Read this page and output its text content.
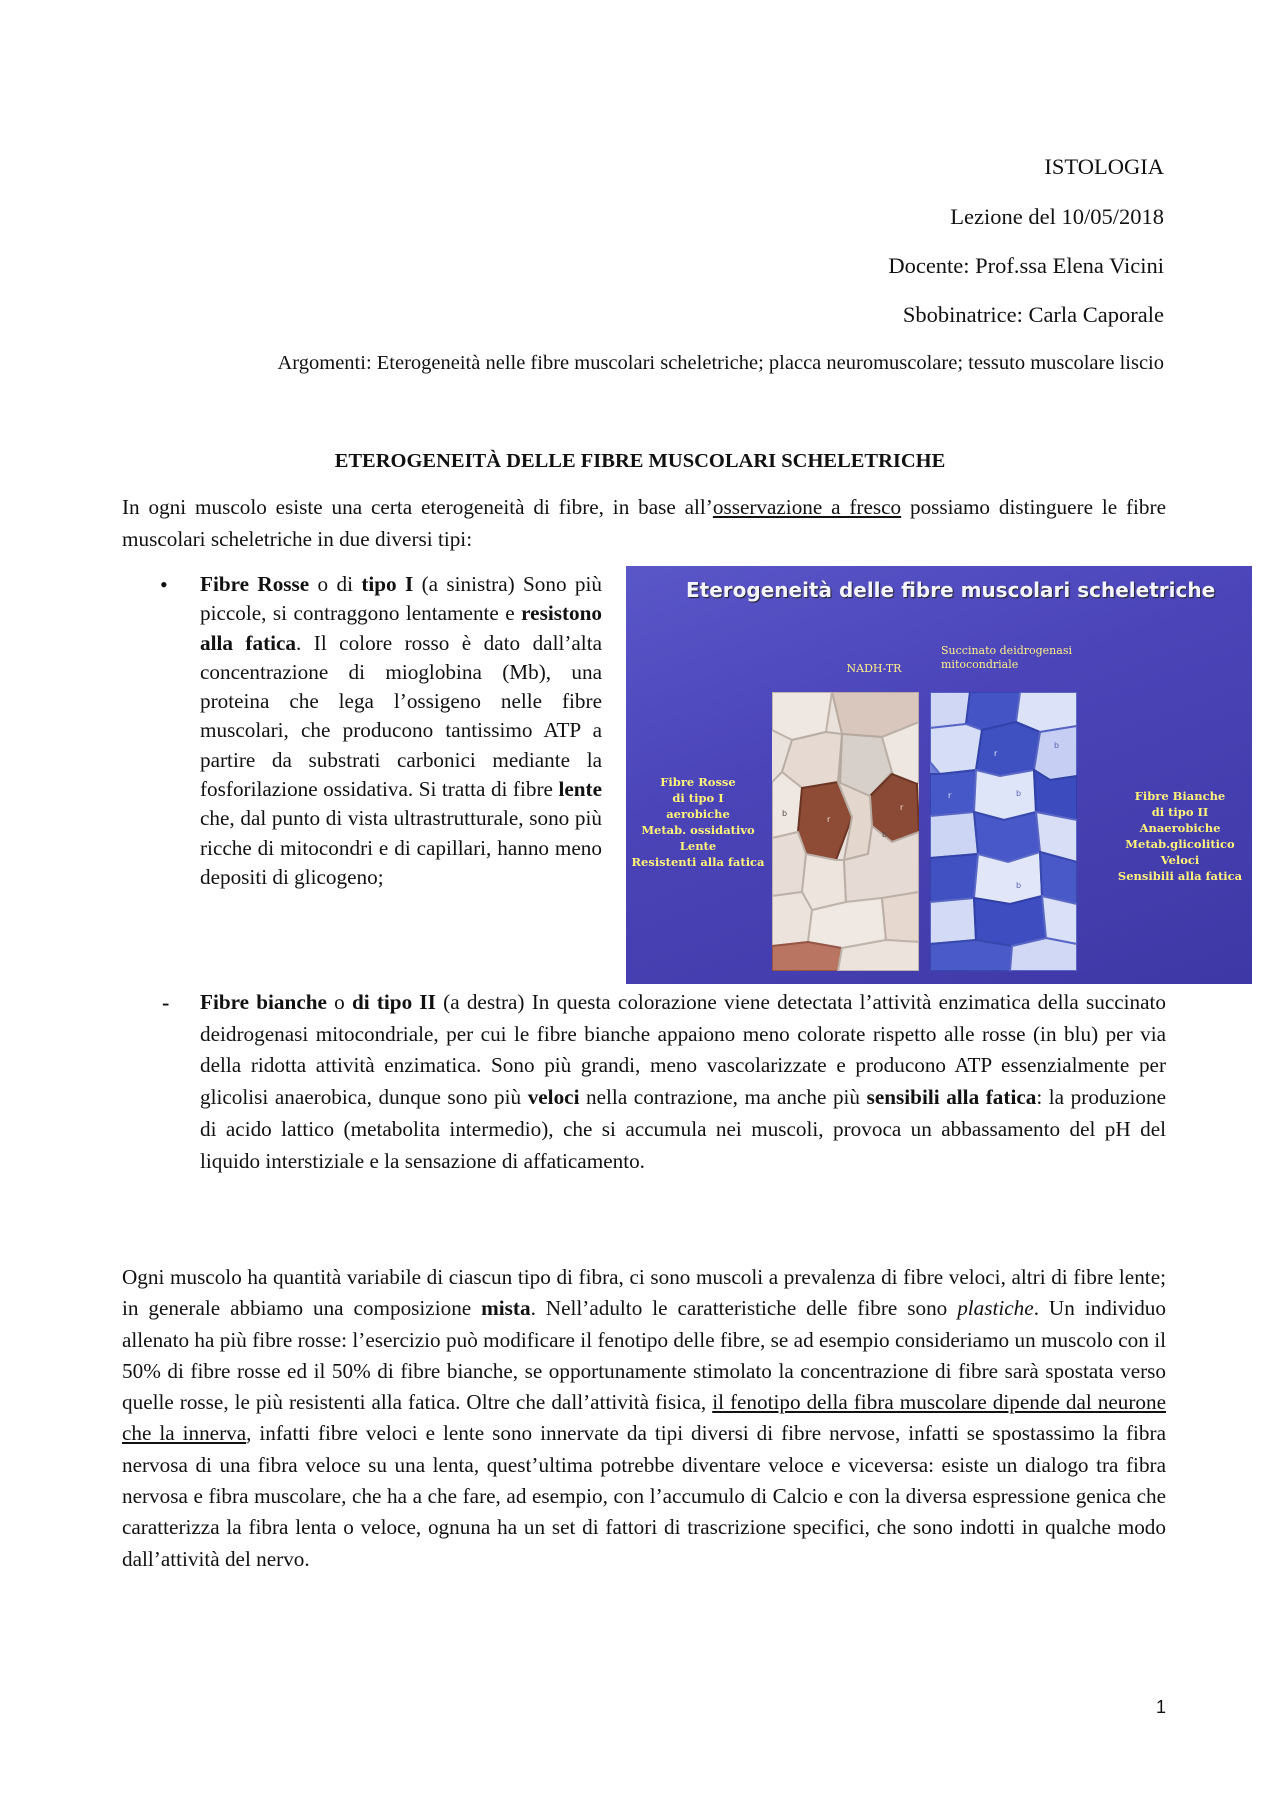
ISTOLOGIA
Lezione del 10/05/2018
Docente: Prof.ssa Elena Vicini
Sbobinatrice: Carla Caporale
Argomenti: Eterogeneità nelle fibre muscolari scheletriche; placca neuromuscolare; tessuto muscolare liscio
ETEROGENEITÀ DELLE FIBRE MUSCOLARI SCHELETRICHE
In ogni muscolo esiste una certa eterogeneità di fibre, in base all’osservazione a fresco possiamo distinguere le fibre muscolari scheletriche in due diversi tipi:
• Fibre Rosse o di tipo I (a sinistra) Sono più piccole, si contraggono lentamente e resistono alla fatica. Il colore rosso è dato dall’alta concentrazione di mioglobina (Mb), una proteina che lega l’ossigeno nelle fibre muscolari, che producono tantissimo ATP a partire da substrati carbonici mediante la fosforilazione ossidativa. Si tratta di fibre lente che, dal punto di vista ultrastrutturale, sono più ricche di mitocondri e di capillari, hanno meno depositi di glicogeno;
Eterogeneità delle fibre muscolari scheletriche
NADH-TR
Succinato deidrogenasi
mitocondriale
r
r
b
b
r
b
r
b
b
Fibre Rosse
di tipo I
aerobiche
Metab. ossidativo
Lente
Resistenti alla fatica
Fibre Bianche
di tipo II
Anaerobiche
Metab.glicolitico
Veloci
Sensibili alla fatica
- Fibre bianche o di tipo II (a destra) In questa colorazione viene detectata l’attività enzimatica della succinato deidrogenasi mitocondriale, per cui le fibre bianche appaiono meno colorate rispetto alle rosse (in blu) per via della ridotta attività enzimatica. Sono più grandi, meno vascolarizzate e producono ATP essenzialmente per glicolisi anaerobica, dunque sono più veloci nella contrazione, ma anche più sensibili alla fatica: la produzione di acido lattico (metabolita intermedio), che si accumula nei muscoli, provoca un abbassamento del pH del liquido interstiziale e la sensazione di affaticamento.
Ogni muscolo ha quantità variabile di ciascun tipo di fibra, ci sono muscoli a prevalenza di fibre veloci, altri di fibre lente; in generale abbiamo una composizione mista. Nell’adulto le caratteristiche delle fibre sono plastiche. Un individuo allenato ha più fibre rosse: l’esercizio può modificare il fenotipo delle fibre, se ad esempio consideriamo un muscolo con il 50% di fibre rosse ed il 50% di fibre bianche, se opportunamente stimolato la concentrazione di fibre sarà spostata verso quelle rosse, le più resistenti alla fatica. Oltre che dall’attività fisica, il fenotipo della fibra muscolare dipende dal neurone che la innerva, infatti fibre veloci e lente sono innervate da tipi diversi di fibre nervose, infatti se spostassimo la fibra nervosa di una fibra veloce su una lenta, quest’ultima potrebbe diventare veloce e viceversa: esiste un dialogo tra fibra nervosa e fibra muscolare, che ha a che fare, ad esempio, con l’accumulo di Calcio e con la diversa espressione genica che caratterizza la fibra lenta o veloce, ognuna ha un set di fattori di trascrizione specifici, che sono indotti in qualche modo dall’attività del nervo.
1
